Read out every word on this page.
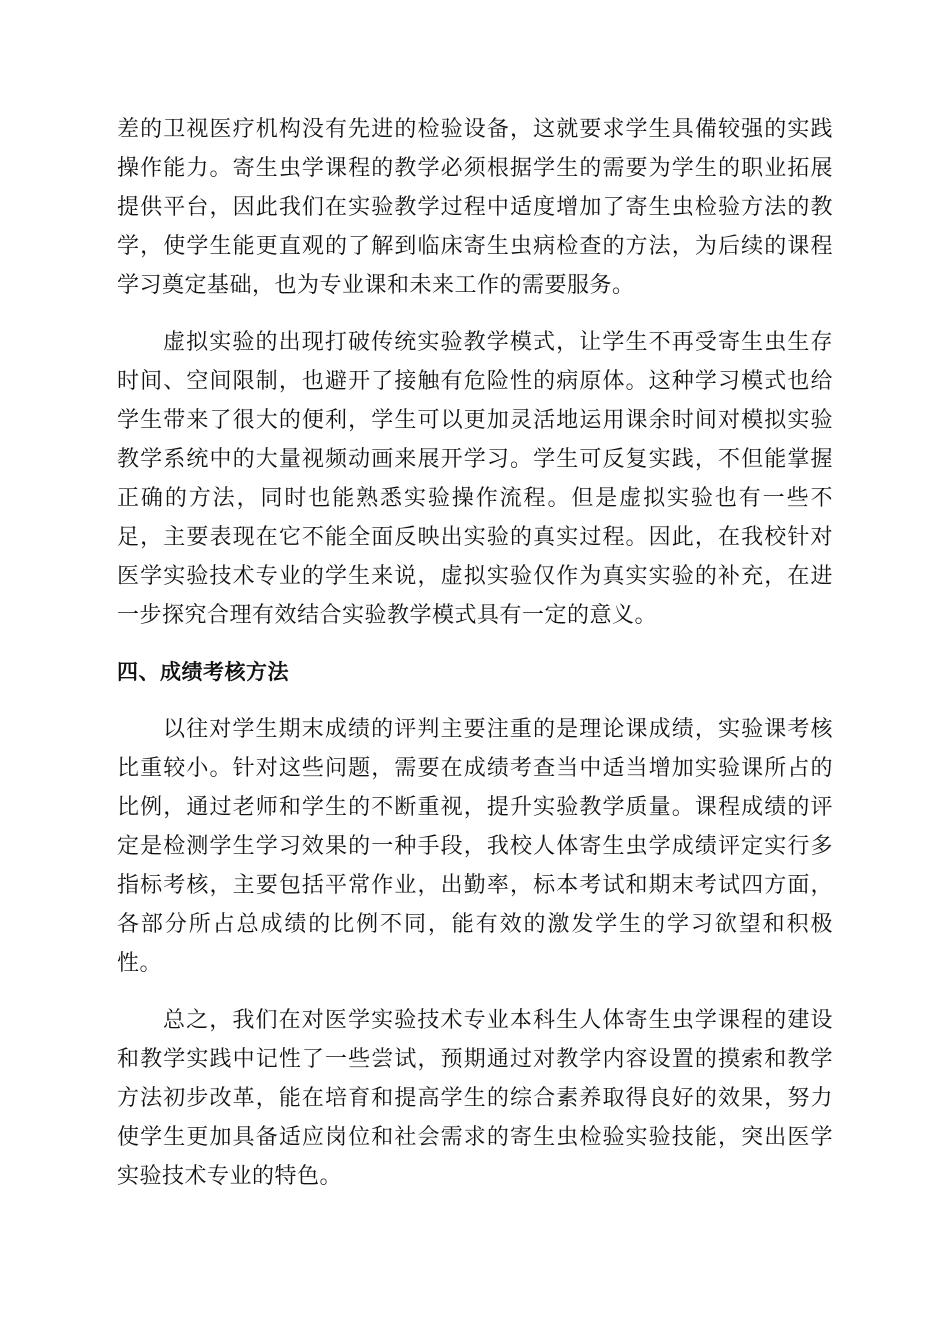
差的卫视医疗机构没有先进的检验设备，这就要求学生具備较强的实践操作能力。寄生虫学课程的教学必须根据学生的需要为学生的职业拓展提供平台，因此我们在实验教学过程中适度增加了寄生虫检验方法的教学，使学生能更直观的了解到临床寄生虫病检查的方法，为后续的课程学习奠定基础，也为专业课和未来工作的需要服务。

虚拟实验的出现打破传统实验教学模式，让学生不再受寄生虫生存时间、空间限制，也避开了接触有危险性的病原体。这种学习模式也给学生带来了很大的便利，学生可以更加灵活地运用课余时间对模拟实验教学系统中的大量视频动画来展开学习。学生可反复实践，不但能掌握正确的方法，同时也能熟悉实验操作流程。但是虚拟实验也有一些不足，主要表现在它不能全面反映出实验的真实过程。因此，在我校针对医学实验技术专业的学生来说，虚拟实验仅作为真实实验的补充，在进一步探究合理有效结合实验教学模式具有一定的意义。

四、成绩考核方法

以往对学生期末成绩的评判主要注重的是理论课成绩，实验课考核比重较小。针对这些问题，需要在成绩考查当中适当增加实验课所占的比例，通过老师和学生的不断重视，提升实验教学质量。课程成绩的评定是检测学生学习效果的一种手段，我校人体寄生虫学成绩评定实行多指标考核，主要包括平常作业，出勤率，标本考试和期末考试四方面，各部分所占总成绩的比例不同，能有效的激发学生的学习欲望和积极性。

总之，我们在对医学实验技术专业本科生人体寄生虫学课程的建设和教学实践中记性了一些尝试，预期通过对教学内容设置的摸索和教学方法初步改革，能在培育和提高学生的综合素养取得良好的效果，努力使学生更加具备适应岗位和社会需求的寄生虫检验实验技能，突出医学实验技术专业的特色。
